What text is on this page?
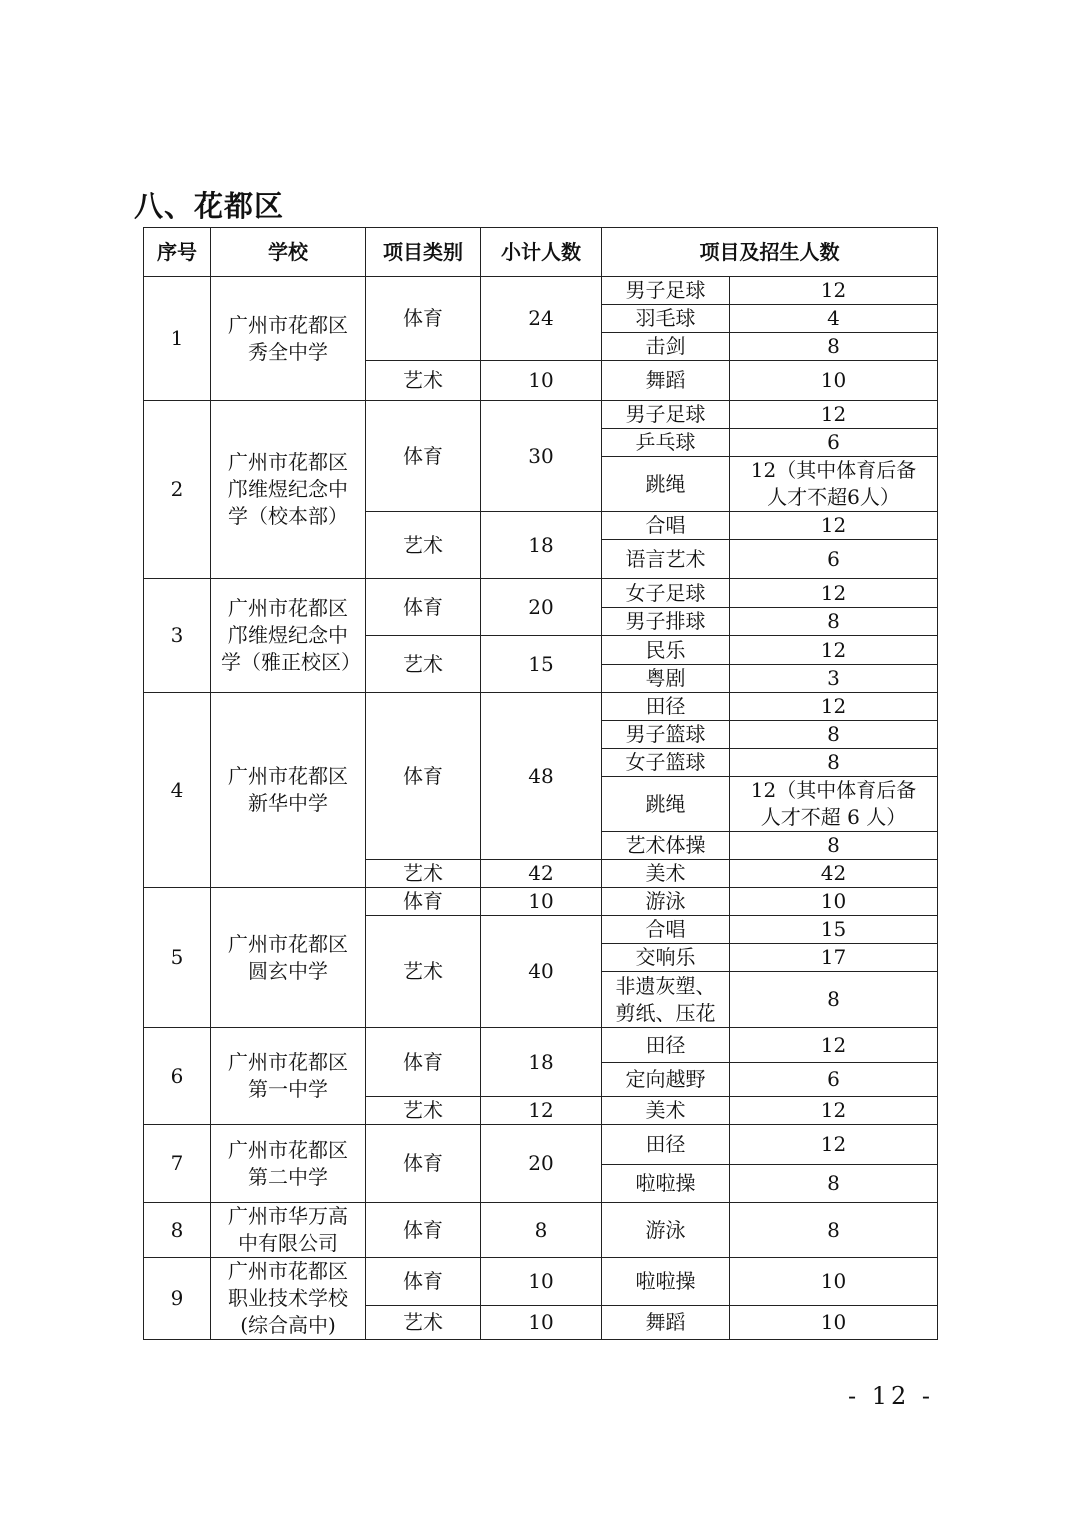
八、花都区
序号	学校	项目类别	小计人数	项目及招生人数	
1	广州市花都区秀全中学	体育	24	男子足球	12
				羽毛球	4
				击剑	8
		艺术	10	舞蹈	10
2	广州市花都区邝维煜纪念中学（校本部）	体育	30	男子足球	12
				乒乓球	6
				跳绳	12（其中体育后备人才不超6人）
		艺术	18	合唱	12
				语言艺术	6
3	广州市花都区邝维煜纪念中学（雅正校区）	体育	20	女子足球	12
				男子排球	8
		艺术	15	民乐	12
				粤剧	3
4	广州市花都区新华中学	体育	48	田径	12
				男子篮球	8
				女子篮球	8
				跳绳	12（其中体育后备人才不超 6 人）
				艺术体操	8
		艺术	42	美术	42
5	广州市花都区圆玄中学	体育	10	游泳	10
		艺术	40	合唱	15
				交响乐	17
				非遗灰塑、剪纸、压花	8
6	广州市花都区第一中学	体育	18	田径	12
				定向越野	6
		艺术	12	美术	12
7	广州市花都区第二中学	体育	20	田径	12
				啦啦操	8
8	广州市华万高中有限公司	体育	8	游泳	8
9	广州市花都区职业技术学校(综合高中)	体育	10	啦啦操	10
		艺术	10	舞蹈	10
- 12 -
